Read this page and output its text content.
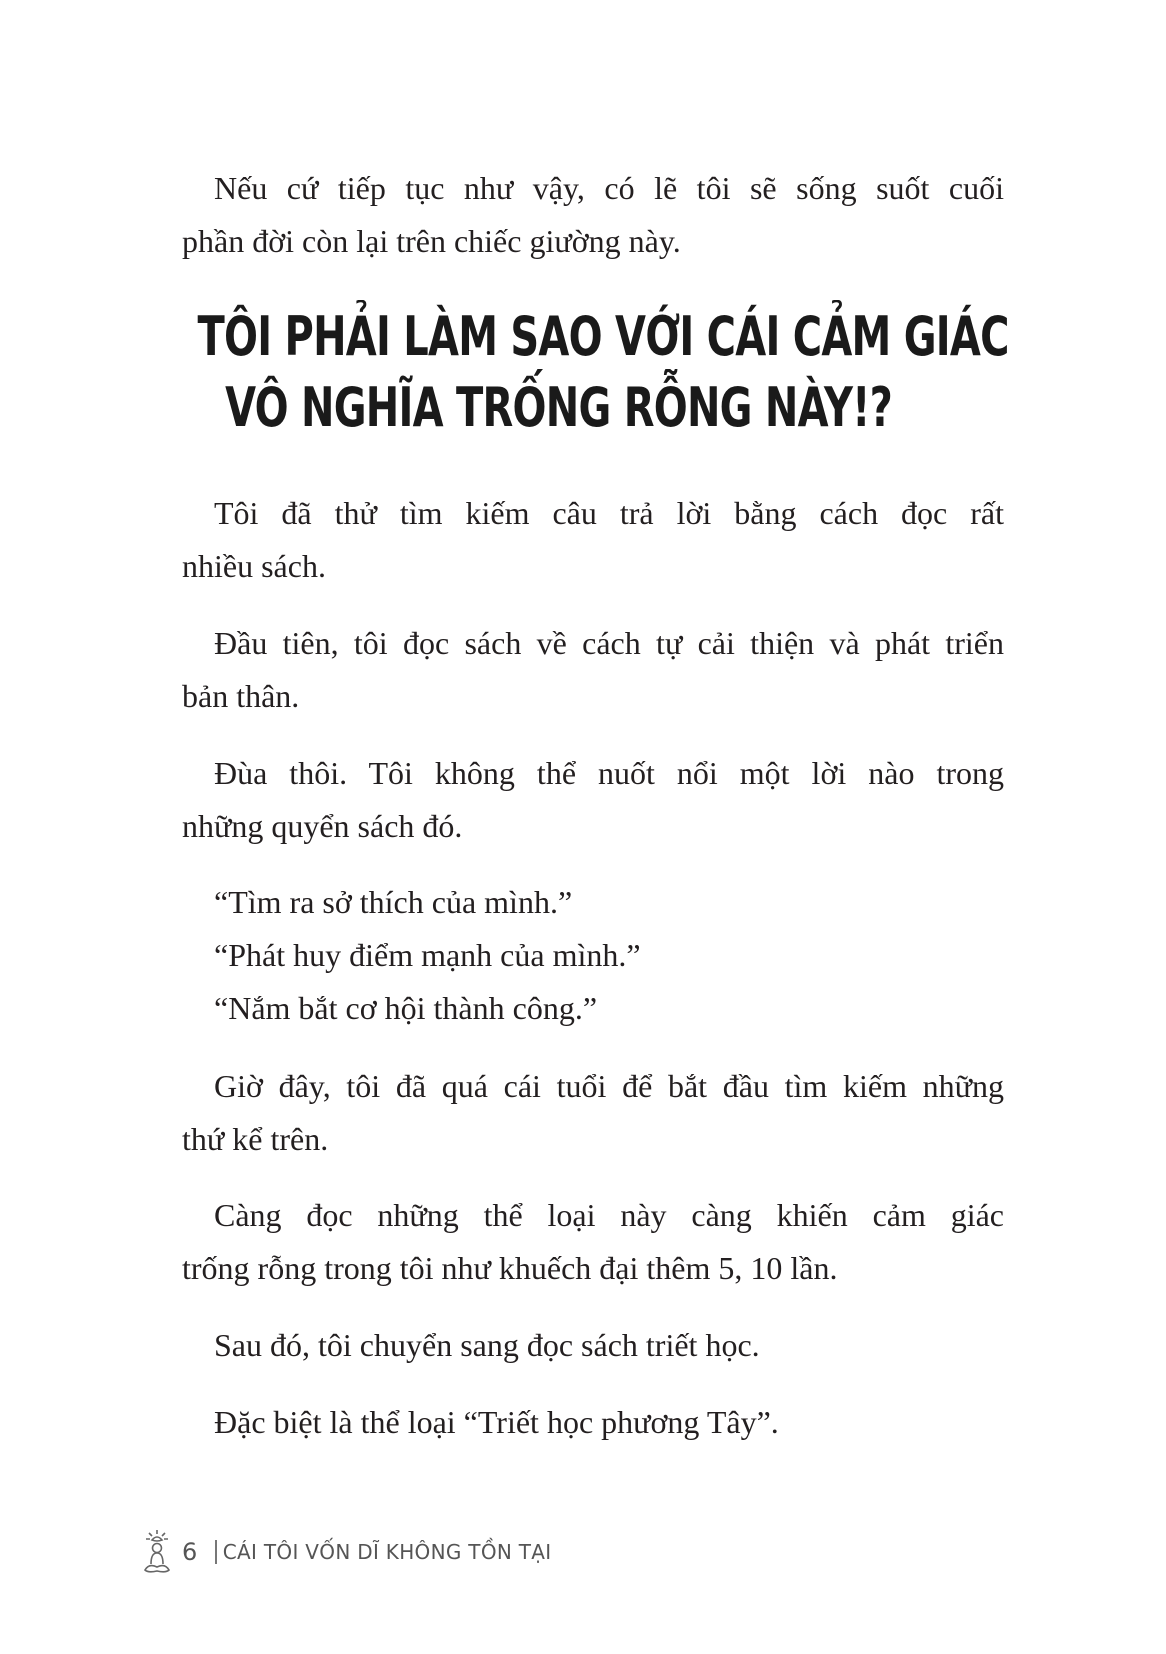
Nếu cứ tiếp tục như vậy, có lẽ tôi sẽ sống suốt cuối
phần đời còn lại trên chiếc giường này.
TÔI PHẢI LÀM SAO VỚI CÁI CẢM GIÁC
VÔ NGHĨA TRỐNG RỖNG NÀY!?
Tôi đã thử tìm kiếm câu trả lời bằng cách đọc rất
nhiều sách.
Đầu tiên, tôi đọc sách về cách tự cải thiện và phát triển
bản thân.
Đùa thôi. Tôi không thể nuốt nổi một lời nào trong
những quyển sách đó.
“Tìm ra sở thích của mình.”
“Phát huy điểm mạnh của mình.”
“Nắm bắt cơ hội thành công.”
Giờ đây, tôi đã quá cái tuổi để bắt đầu tìm kiếm những
thứ kể trên.
Càng đọc những thể loại này càng khiến cảm giác
trống rỗng trong tôi như khuếch đại thêm 5, 10 lần.
Sau đó, tôi chuyển sang đọc sách triết học.
Đặc biệt là thể loại “Triết học phương Tây”.
6 CÁI TÔI VỐN DĨ KHÔNG TỒN TẠI
